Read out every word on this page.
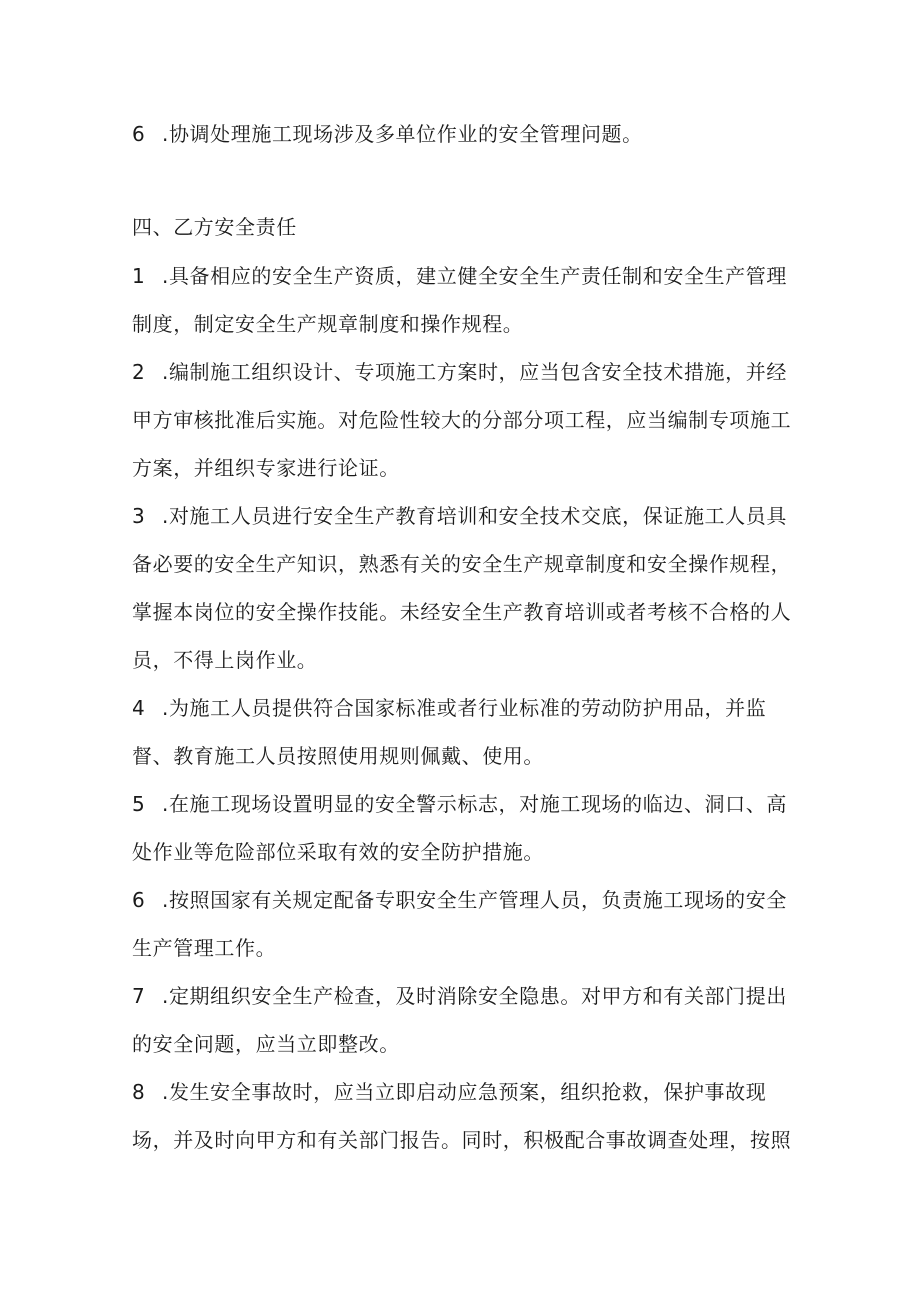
6 .协调处理施工现场涉及多单位作业的安全管理问题。
四、乙方安全责任
1 .具备相应的安全生产资质，建立健全安全生产责任制和安全生产管理
制度，制定安全生产规章制度和操作规程。
2 .编制施工组织设计、专项施工方案时，应当包含安全技术措施，并经
甲方审核批准后实施。对危险性较大的分部分项工程，应当编制专项施工
方案，并组织专家进行论证。
3 .对施工人员进行安全生产教育培训和安全技术交底，保证施工人员具
备必要的安全生产知识，熟悉有关的安全生产规章制度和安全操作规程，
掌握本岗位的安全操作技能。未经安全生产教育培训或者考核不合格的人
员，不得上岗作业。
4 .为施工人员提供符合国家标准或者行业标准的劳动防护用品，并监
督、教育施工人员按照使用规则佩戴、使用。
5 .在施工现场设置明显的安全警示标志，对施工现场的临边、洞口、高
处作业等危险部位采取有效的安全防护措施。
6 .按照国家有关规定配备专职安全生产管理人员，负责施工现场的安全
生产管理工作。
7 .定期组织安全生产检查，及时消除安全隐患。对甲方和有关部门提出
的安全问题，应当立即整改。
8 .发生安全事故时，应当立即启动应急预案，组织抢救，保护事故现
场，并及时向甲方和有关部门报告。同时，积极配合事故调查处理，按照
